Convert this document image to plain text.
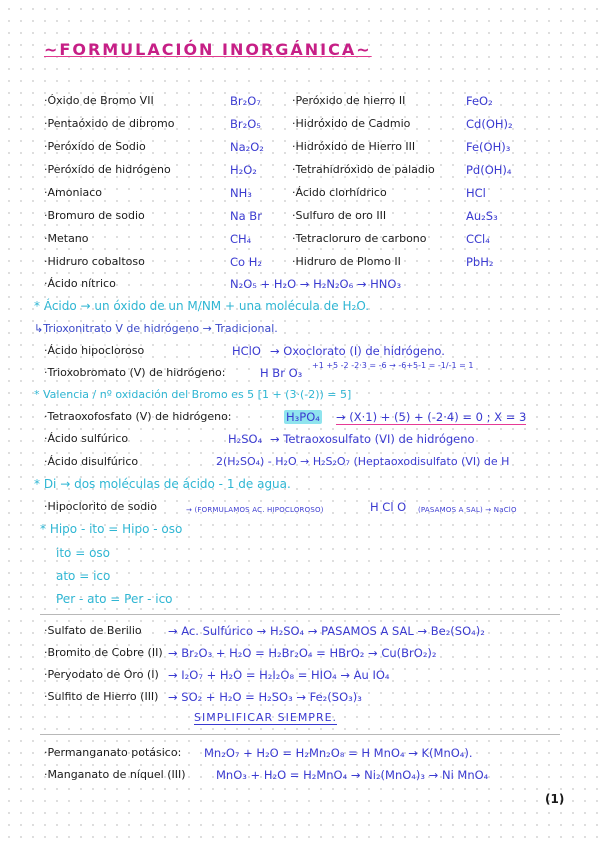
~FORMULACIÓN INORGÁNICA~
·Óxido de Bromo VII	Br₂O₇
·Pentaóxido de dibromo	Br₂O₅
·Peróxido de Sodio	Na₂O₂
·Peróxido de hidrógeno	H₂O₂
·Amoniaco	NH₃
·Bromuro de sodio	Na Br
·Metano	CH₄
·Hidruro cobaltoso	Co H₂
·Peróxido de hierro II	FeO₂
·Hidróxido de Cadmio	Cd(OH)₂
·Hidróxido de Hierro III	Fe(OH)₃
·Tetrahidróxido de paladio	Pd(OH)₄
·Ácido clorhídrico	HCl
·Sulfuro de oro III	Au₂S₃
·Tetracloruro de carbono	CCl₄
·Hidruro de Plomo II	PbH₂
·Ácido nítrico	N₂O₅ + H₂O → H₂N₂O₆ → HNO₃
* Ácido → un óxido de un M/NM + una molécula de H₂O.
↳Trioxonitrato V de hidrógeno → Tradicional.
·Ácido hipocloroso	HClO → Oxoclorato (I) de hidrógeno.
·Trioxobromato (V) de hidrógeno:	H Br O₃
+1 +5 -2 -2·3 = -6 → -6+5-1 = -1/-1 = 1
* Valencia / nº oxidación del Bromo es 5 [1 + (3·(-2)) = 5]
·Tetraoxofosfato (V) de hidrógeno:	H₃PO₄ → (X·1) + (5) + (-2·4) = 0 ; X = 3
·Ácido sulfúrico	H₂SO₄ → Tetraoxosulfato (VI) de hidrógeno
·Ácido disulfúrico	2(H₂SO₄) - H₂O → H₂S₂O₇ (Heptaoxodisulfato (VI) de H
* Di → dos moléculas de ácido - 1 de agua.
·Hipoclorito de sodio	→ (FORMULAMOS AC. HIPOCLOROSO)	H Cl O (PASAMOS A SAL) → NaClO
* Hipo - ito = Hipo - oso
ito = oso
ato = ico
Per - ato = Per - ico
·Sulfato de Berilio → Ac. Sulfúrico → H₂SO₄ → PASAMOS A SAL → Be₂(SO₄)₂
·Bromito de Cobre (II) → Br₂O₃ + H₂O = H₂Br₂O₄ = HBrO₂ → Cu(BrO₂)₂
·Peryodato de Oro (I) → I₂O₇ + H₂O = H₂I₂O₈ = HIO₄ → Au IO₄
·Sulfito de Hierro (III) → SO₂ + H₂O = H₂SO₃ → Fe₂(SO₃)₃
SIMPLIFICAR SIEMPRE.
·Permanganato potásico: Mn₂O₇ + H₂O = H₂Mn₂O₈ = H MnO₄ → K(MnO₄).
·Manganato de níquel (III)	MnO₃ + H₂O = H₂MnO₄ → Ni₂(MnO₄)₃ → Ni MnO₄
(1)
